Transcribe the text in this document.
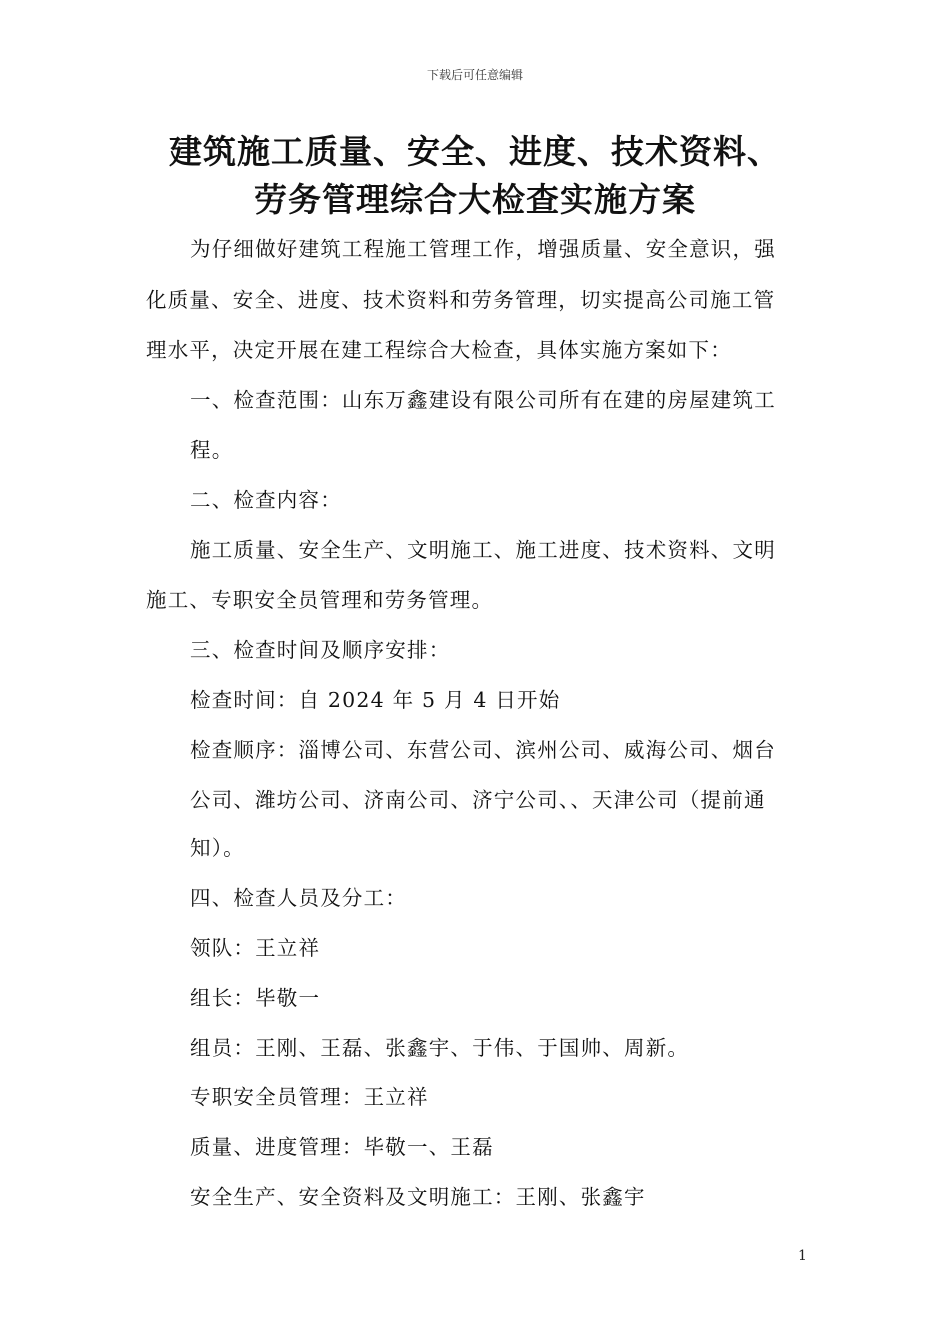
下载后可任意编辑
建筑施工质量、安全、进度、技术资料、
劳务管理综合大检查实施方案
为仔细做好建筑工程施工管理工作，增强质量、安全意识，强
化质量、安全、进度、技术资料和劳务管理，切实提高公司施工管
理水平，决定开展在建工程综合大检查，具体实施方案如下：
一、检查范围：山东万鑫建设有限公司所有在建的房屋建筑工
程。
二、检查内容：
施工质量、安全生产、文明施工、施工进度、技术资料、文明
施工、专职安全员管理和劳务管理。
三、检查时间及顺序安排：
检查时间：自 2024 年 5 月 4 日开始
检查顺序：淄博公司、东营公司、滨州公司、威海公司、烟台
公司、潍坊公司、济南公司、济宁公司、、天津公司（提前通
知）。
四、检查人员及分工：
领队：王立祥
组长：毕敬一
组员：王刚、王磊、张鑫宇、于伟、于国帅、周新。
专职安全员管理：王立祥
质量、进度管理：毕敬一、王磊
安全生产、安全资料及文明施工：王刚、张鑫宇
1
